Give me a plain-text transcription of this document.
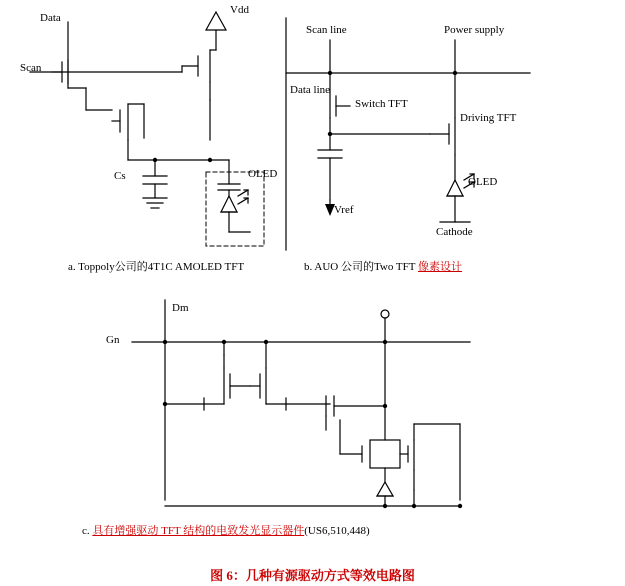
Data
Vdd
Scan
Cs	OLED
a. Toppoly公司的4T1C AMOLED TFT
Scan line	Power supply
Data line
Switch TFT
Driving TFT
OLED
Vref
Cathode
b. AUO 公司的Two TFT 像素设计
Dm
Gn
c. 具有增强驱动 TFT 结构的电致发光显示器件(US6,510,448)
图 6：几种有源驱动方式等效电路图
